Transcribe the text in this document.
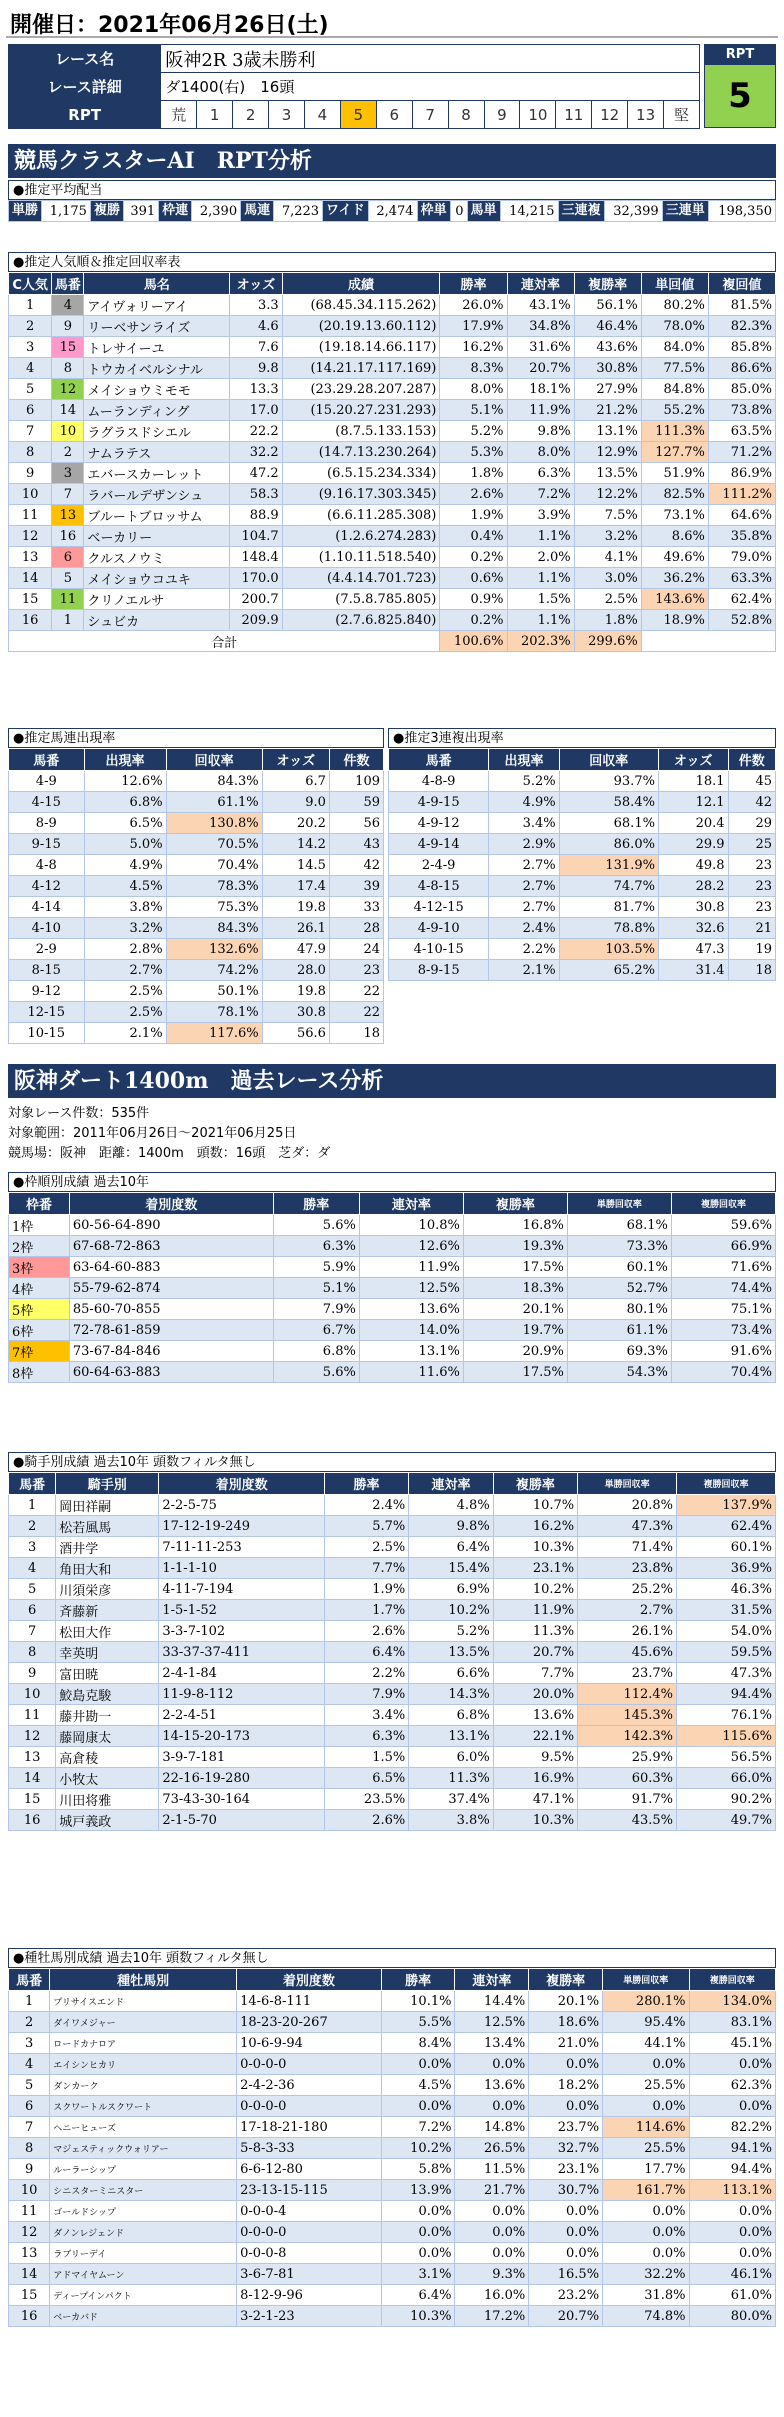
開催日：2021年06月26日(土)
レース名	阪神2R 3歳未勝利														
レース詳細	ダ1400(右)　 16頭														
RPT	荒	1	2	3	4	5	6	7	8	9	10	11	12	13	堅
RPT
5
競馬クラスターAI　RPT分析
●推定平均配当
単勝	1,175	複勝	391	枠連	2,390	馬連	7,223	ワイド	2,474	枠単	0	馬単	14,215	三連複	32,399	三連単	198,350
●推定人気順＆推定回収率表
C人気	馬番	馬名	オッズ	成績	勝率	連対率	複勝率	単回値	複回値
1	4	アイヴォリーアイ	3.3	(68.45.34.115.262)	26.0%	43.1%	56.1%	80.2%	81.5%
2	9	リーベサンライズ	4.6	(20.19.13.60.112)	17.9%	34.8%	46.4%	78.0%	82.3%
3	15	トレサイーユ	7.6	(19.18.14.66.117)	16.2%	31.6%	43.6%	84.0%	85.8%
4	8	トウカイベルシナル	9.8	(14.21.17.117.169)	8.3%	20.7%	30.8%	77.5%	86.6%
5	12	メイショウミモモ	13.3	(23.29.28.207.287)	8.0%	18.1%	27.9%	84.8%	85.0%
6	14	ムーランディング	17.0	(15.20.27.231.293)	5.1%	11.9%	21.2%	55.2%	73.8%
7	10	ラグラスドシエル	22.2	(8.7.5.133.153)	5.2%	9.8%	13.1%	111.3%	63.5%
8	2	ナムラテス	32.2	(14.7.13.230.264)	5.3%	8.0%	12.9%	127.7%	71.2%
9	3	エバースカーレット	47.2	(6.5.15.234.334)	1.8%	6.3%	13.5%	51.9%	86.9%
10	7	ラバールデザンシュ	58.3	(9.16.17.303.345)	2.6%	7.2%	12.2%	82.5%	111.2%
11	13	ブルートブロッサム	88.9	(6.6.11.285.308)	1.9%	3.9%	7.5%	73.1%	64.6%
12	16	ベーカリー	104.7	(1.2.6.274.283)	0.4%	1.1%	3.2%	8.6%	35.8%
13	6	クルスノウミ	148.4	(1.10.11.518.540)	0.2%	2.0%	4.1%	49.6%	79.0%
14	5	メイショウコユキ	170.0	(4.4.14.701.723)	0.6%	1.1%	3.0%	36.2%	63.3%
15	11	クリノエルサ	200.7	(7.5.8.785.805)	0.9%	1.5%	2.5%	143.6%	62.4%
16	1	シュビカ	209.9	(2.7.6.825.840)	0.2%	1.1%	1.8%	18.9%	52.8%
合計					100.6%	202.3%	299.6%		
●推定馬連出現率
馬番	出現率	回収率	オッズ	件数
4-9	12.6%	84.3%	6.7	109
4-15	6.8%	61.1%	9.0	59
8-9	6.5%	130.8%	20.2	56
9-15	5.0%	70.5%	14.2	43
4-8	4.9%	70.4%	14.5	42
4-12	4.5%	78.3%	17.4	39
4-14	3.8%	75.3%	19.8	33
4-10	3.2%	84.3%	26.1	28
2-9	2.8%	132.6%	47.9	24
8-15	2.7%	74.2%	28.0	23
9-12	2.5%	50.1%	19.8	22
12-15	2.5%	78.1%	30.8	22
10-15	2.1%	117.6%	56.6	18
●推定3連複出現率
馬番	出現率	回収率	オッズ	件数
4-8-9	5.2%	93.7%	18.1	45
4-9-15	4.9%	58.4%	12.1	42
4-9-12	3.4%	68.1%	20.4	29
4-9-14	2.9%	86.0%	29.9	25
2-4-9	2.7%	131.9%	49.8	23
4-8-15	2.7%	74.7%	28.2	23
4-12-15	2.7%	81.7%	30.8	23
4-9-10	2.4%	78.8%	32.6	21
4-10-15	2.2%	103.5%	47.3	19
8-9-15	2.1%	65.2%	31.4	18
阪神ダート1400m　過去レース分析
対象レース件数：535件
対象範囲：2011年06月26日～2021年06月25日
競馬場：阪神　距離：1400m　頭数：16頭　芝ダ：ダ
●枠順別成績 過去10年
枠番	着別度数	勝率	連対率	複勝率	単勝回収率	複勝回収率
1枠	60-56-64-890	5.6%	10.8%	16.8%	68.1%	59.6%
2枠	67-68-72-863	6.3%	12.6%	19.3%	73.3%	66.9%
3枠	63-64-60-883	5.9%	11.9%	17.5%	60.1%	71.6%
4枠	55-79-62-874	5.1%	12.5%	18.3%	52.7%	74.4%
5枠	85-60-70-855	7.9%	13.6%	20.1%	80.1%	75.1%
6枠	72-78-61-859	6.7%	14.0%	19.7%	61.1%	73.4%
7枠	73-67-84-846	6.8%	13.1%	20.9%	69.3%	91.6%
8枠	60-64-63-883	5.6%	11.6%	17.5%	54.3%	70.4%
●騎手別成績 過去10年 頭数フィルタ無し
馬番	騎手別	着別度数	勝率	連対率	複勝率	単勝回収率	複勝回収率
1	岡田祥嗣	2-2-5-75	2.4%	4.8%	10.7%	20.8%	137.9%
2	松若風馬	17-12-19-249	5.7%	9.8%	16.2%	47.3%	62.4%
3	酒井学	7-11-11-253	2.5%	6.4%	10.3%	71.4%	60.1%
4	角田大和	1-1-1-10	7.7%	15.4%	23.1%	23.8%	36.9%
5	川須栄彦	4-11-7-194	1.9%	6.9%	10.2%	25.2%	46.3%
6	斉藤新	1-5-1-52	1.7%	10.2%	11.9%	2.7%	31.5%
7	松田大作	3-3-7-102	2.6%	5.2%	11.3%	26.1%	54.0%
8	幸英明	33-37-37-411	6.4%	13.5%	20.7%	45.6%	59.5%
9	富田暁	2-4-1-84	2.2%	6.6%	7.7%	23.7%	47.3%
10	鮫島克駿	11-9-8-112	7.9%	14.3%	20.0%	112.4%	94.4%
11	藤井勘一	2-2-4-51	3.4%	6.8%	13.6%	145.3%	76.1%
12	藤岡康太	14-15-20-173	6.3%	13.1%	22.1%	142.3%	115.6%
13	高倉稜	3-9-7-181	1.5%	6.0%	9.5%	25.9%	56.5%
14	小牧太	22-16-19-280	6.5%	11.3%	16.9%	60.3%	66.0%
15	川田将雅	73-43-30-164	23.5%	37.4%	47.1%	91.7%	90.2%
16	城戸義政	2-1-5-70	2.6%	3.8%	10.3%	43.5%	49.7%
●種牡馬別成績 過去10年 頭数フィルタ無し
馬番	種牡馬別	着別度数	勝率	連対率	複勝率	単勝回収率	複勝回収率
1	プリサイスエンド	14-6-8-111	10.1%	14.4%	20.1%	280.1%	134.0%
2	ダイワメジャー	18-23-20-267	5.5%	12.5%	18.6%	95.4%	83.1%
3	ロードカナロア	10-6-9-94	8.4%	13.4%	21.0%	44.1%	45.1%
4	エイシンヒカリ	0-0-0-0	0.0%	0.0%	0.0%	0.0%	0.0%
5	ダンカーク	2-4-2-36	4.5%	13.6%	18.2%	25.5%	62.3%
6	スクワートルスクワート	0-0-0-0	0.0%	0.0%	0.0%	0.0%	0.0%
7	ヘニーヒューズ	17-18-21-180	7.2%	14.8%	23.7%	114.6%	82.2%
8	マジェスティックウォリアー	5-8-3-33	10.2%	26.5%	32.7%	25.5%	94.1%
9	ルーラーシップ	6-6-12-80	5.8%	11.5%	23.1%	17.7%	94.4%
10	シニスターミニスター	23-13-15-115	13.9%	21.7%	30.7%	161.7%	113.1%
11	ゴールドシップ	0-0-0-4	0.0%	0.0%	0.0%	0.0%	0.0%
12	ダノンレジェンド	0-0-0-0	0.0%	0.0%	0.0%	0.0%	0.0%
13	ラブリーデイ	0-0-0-8	0.0%	0.0%	0.0%	0.0%	0.0%
14	アドマイヤムーン	3-6-7-81	3.1%	9.3%	16.5%	32.2%	46.1%
15	ディープインパクト	8-12-9-96	6.4%	16.0%	23.2%	31.8%	61.0%
16	ベーカバド	3-2-1-23	10.3%	17.2%	20.7%	74.8%	80.0%
